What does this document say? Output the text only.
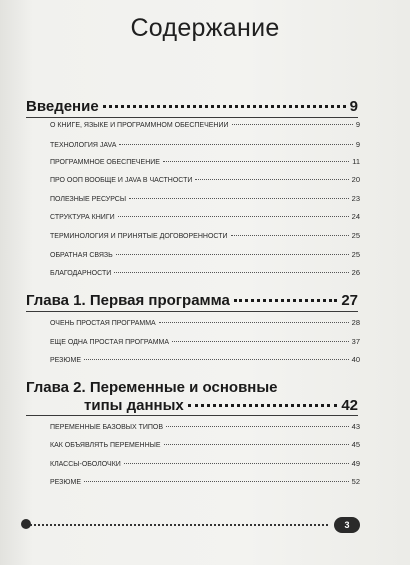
Содержание
Введение	9
О КНИГЕ, ЯЗЫКЕ И ПРОГРАММНОМ ОБЕСПЕЧЕНИИ	9
ТЕХНОЛОГИЯ JAVA	9
ПРОГРАММНОЕ ОБЕСПЕЧЕНИЕ	11
ПРО ООП ВООБЩЕ И JAVA В ЧАСТНОСТИ	20
ПОЛЕЗНЫЕ РЕСУРСЫ	23
СТРУКТУРА КНИГИ	24
ТЕРМИНОЛОГИЯ И ПРИНЯТЫЕ ДОГОВОРЕННОСТИ	25
ОБРАТНАЯ СВЯЗЬ	25
БЛАГОДАРНОСТИ	26
Глава 1. Первая программа	27
ОЧЕНЬ ПРОСТАЯ ПРОГРАММА	28
ЕЩЕ ОДНА ПРОСТАЯ ПРОГРАММА	37
РЕЗЮМЕ	40
Глава 2. Переменные и основные
типы данных	42
ПЕРЕМЕННЫЕ БАЗОВЫХ ТИПОВ	43
КАК ОБЪЯВЛЯТЬ ПЕРЕМЕННЫЕ	45
КЛАССЫ-ОБОЛОЧКИ	49
РЕЗЮМЕ	52
3
